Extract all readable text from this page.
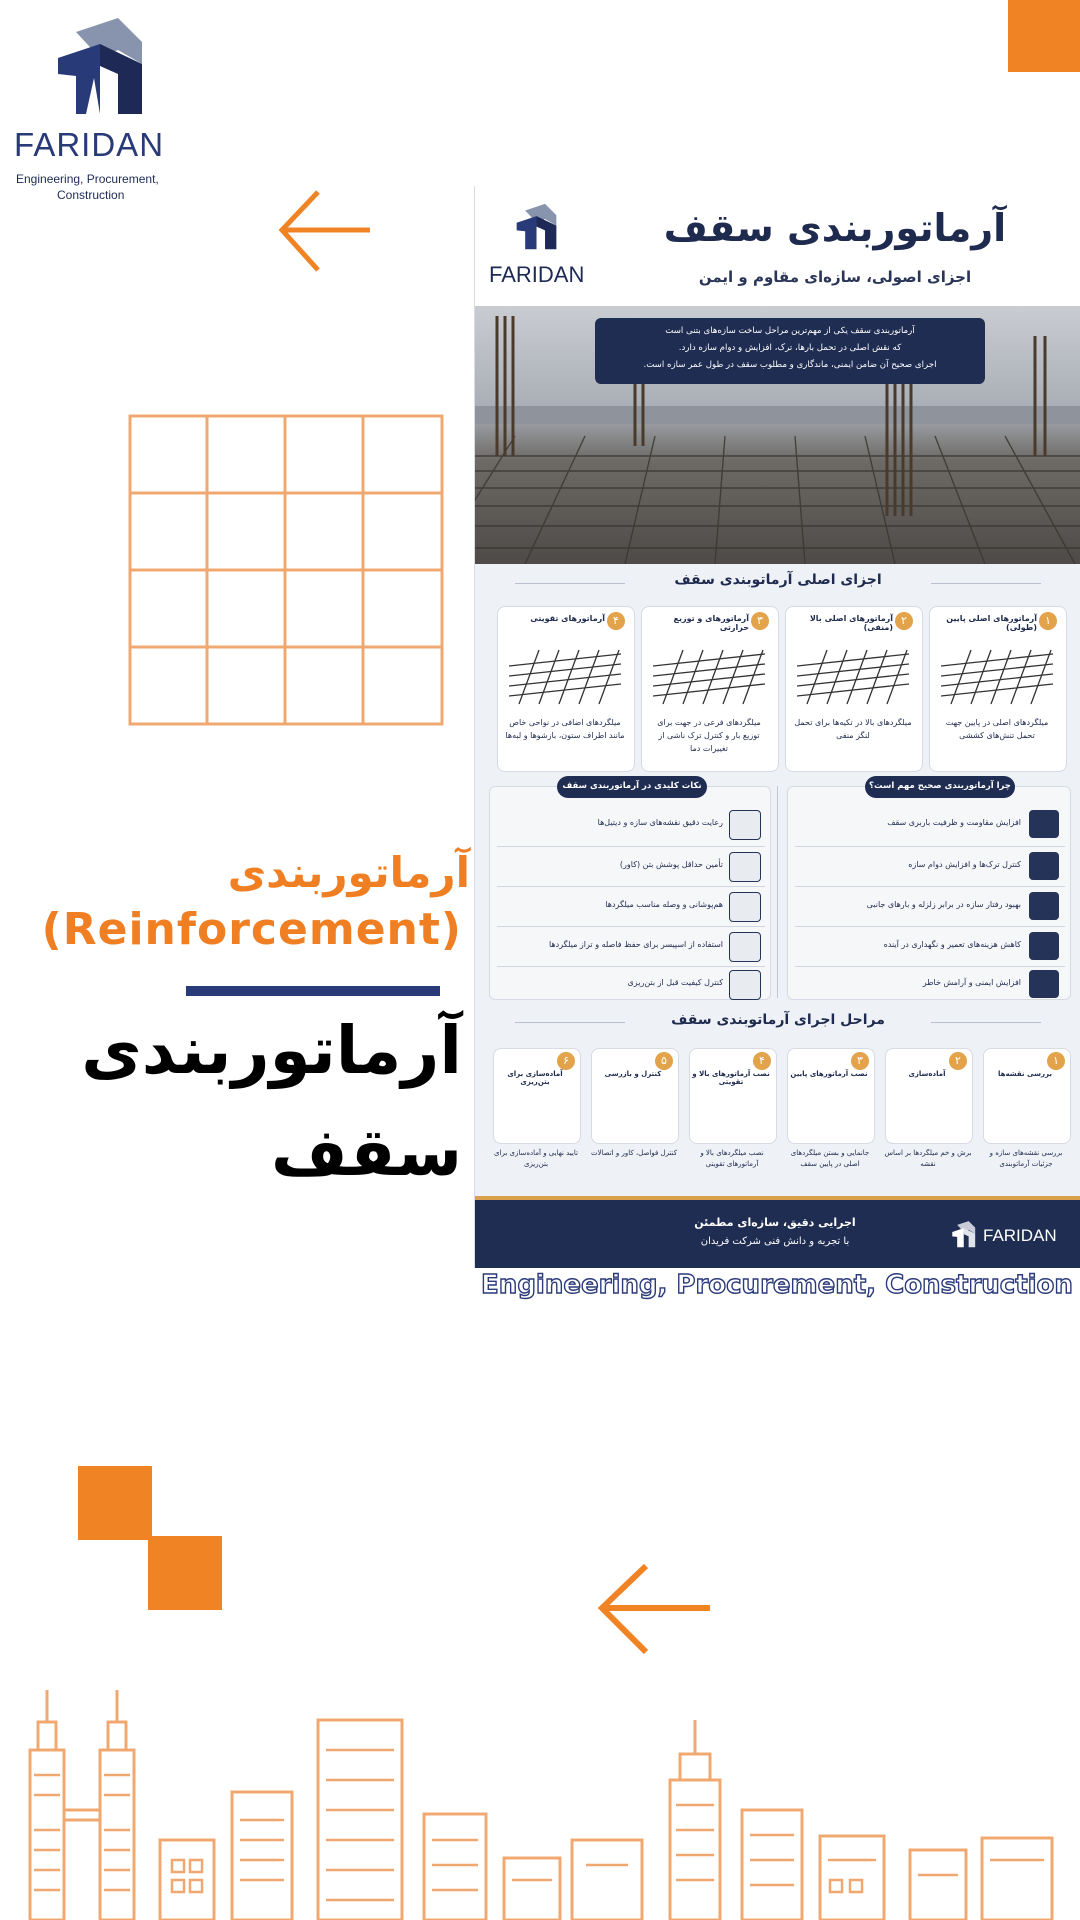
FARIDAN
Engineering, Procurement,
Construction
آرماتوربندی
(Reinforcement)
آرماتوربندی
سقف
FARIDAN
آرماتوربندی سقف
اجزای اصولی، سازه‌ای مقاوم و ایمن
آرماتوربندی سقف یکی از مهم‌ترین مراحل ساخت سازه‌های بتنی است
که نقش اصلی در تحمل بارها، ترک، افزایش و دوام سازه دارد.
اجرای صحیح آن ضامن ایمنی، ماندگاری و مطلوب سقف در طول عمر سازه است.
اجزای اصلی آرماتوبندی سقف
۱
آرماتورهای اصلی پایین (طولی)
میلگردهای اصلی در پایین جهت تحمل تنش‌های کششی
۲
آرماتورهای اصلی بالا (منفی)
میلگردهای بالا در تکیه‌ها برای تحمل لنگر منفی
۳
آرماتورهای و توزیع حرارتی
میلگردهای فرعی در جهت برای توزیع بار و کنترل ترک ناشی از تغییرات دما
۴
آرماتورهای تقویتی
میلگردهای اضافی در نواحی خاص مانند اطراف ستون، بازشوها و لبه‌ها
چرا آرماتوربندی صحیح مهم است؟
افزایش مقاومت و ظرفیت باربری سقف
کنترل ترک‌ها و افزایش دوام سازه
بهبود رفتار سازه در برابر زلزله و بارهای جانبی
کاهش هزینه‌های تعمیر و نگهداری در آینده
افزایش ایمنی و آرامش خاطر
نکات کلیدی در آرماتوربندی سقف
رعایت دقیق نقشه‌های سازه و دیتیل‌ها
تأمین حداقل پوشش بتن (کاور)
هم‌پوشانی و وصله مناسب میلگردها
استفاده از اسپیسر برای حفظ فاصله و تراز میلگردها
کنترل کیفیت قبل از بتن‌ریزی
مراحل اجرای آرماتوبندی سقف
۱
بررسی نقشه‌ها
بررسی نقشه‌های سازه و جزئیات آرماتوبندی
۲
آماده‌سازی
برش و خم میلگردها بر اساس نقشه
۳
نصب آرماتورهای پایین
جانمایی و بستن میلگردهای اصلی در پایین سقف
۴
نصب آرماتورهای بالا و تقویتی
نصب میلگردهای بالا و آرماتورهای تقویتی
۵
کنترل و بازرسی
کنترل فواصل، کاور و اتصالات
۶
آماده‌سازی برای بتن‌ریزی
تایید نهایی و آماده‌سازی برای بتن‌ریزی
اجرایی دقیق، سازه‌ای مطمئن
با تجربه و دانش فنی شرکت فریدان	FARIDAN
Engineering, Procurement, Construction
